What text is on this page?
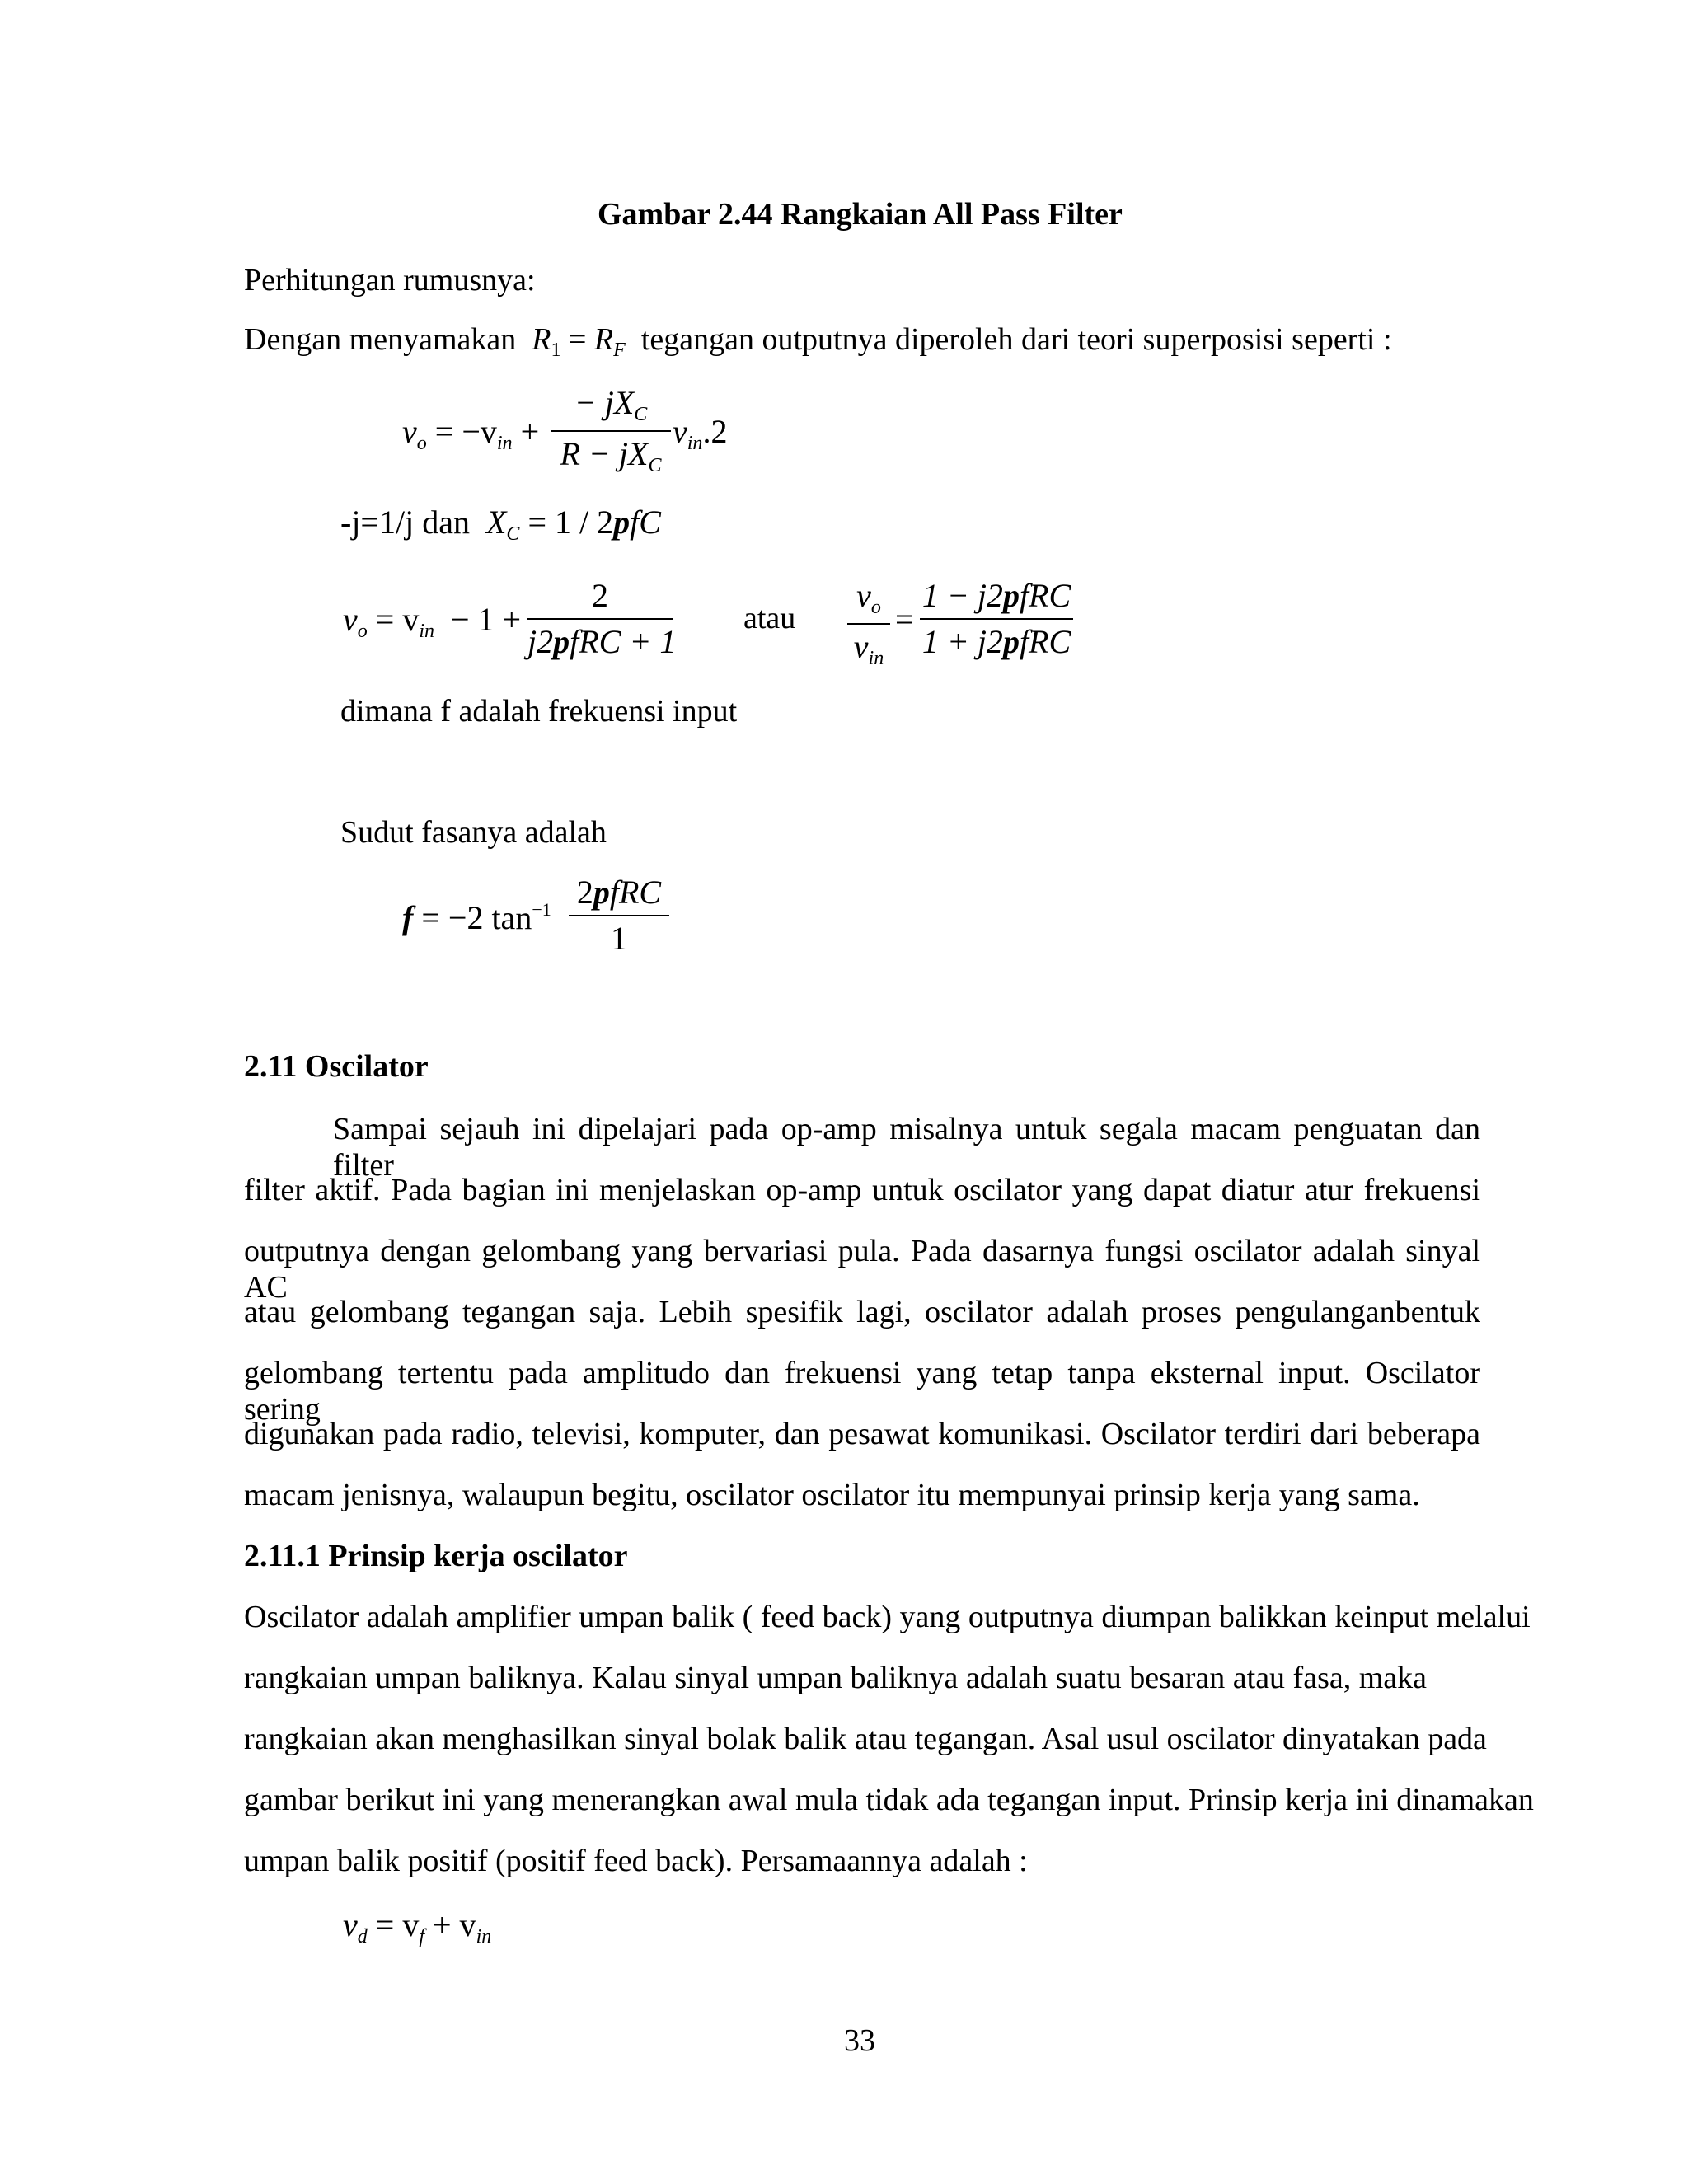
Gambar 2.44 Rangkaian All Pass Filter
Perhitungan rumusnya:
Dengan menyamakan $R_1 = R_F$ tegangan outputnya diperoleh dari teori superposisi seperti :
$v_o = -v_{in}$ +
− $jX_C$
$R - jX_C$
$v_{in}.2$
-j=1/j dan $X_C = 1 / 2pfC$
$v_o = v_{in} - 1$ +
2
j2pfRC + 1
atau
$v_o$
$v_{in}$
=
1 − j2pfRC
1 + j2pfRC
dimana f adalah frekuensi input
Sudut fasanya adalah
f = −2 $\tan^{-1}$ 2pfRC
1
2.11 Oscilator
Sampai sejauh ini dipelajari pada op-amp misalnya untuk segala macam penguatan dan filter
filter aktif. Pada bagian ini menjelaskan op-amp untuk oscilator yang dapat diatur atur frekuensi
outputnya dengan gelombang yang bervariasi pula. Pada dasarnya fungsi oscilator adalah sinyal AC
atau gelombang tegangan saja. Lebih spesifik lagi, oscilator adalah proses pengulanganbentuk
gelombang tertentu pada amplitudo dan frekuensi yang tetap tanpa eksternal input. Oscilator sering
digunakan pada radio, televisi, komputer, dan pesawat komunikasi. Oscilator terdiri dari beberapa
macam jenisnya, walaupun begitu, oscilator oscilator itu mempunyai prinsip kerja yang sama.
2.11.1 Prinsip kerja oscilator
Oscilator adalah amplifier umpan balik ( feed back) yang outputnya diumpan balikkan keinput melalui
rangkaian umpan baliknya. Kalau sinyal umpan baliknya adalah suatu besaran atau fasa, maka
rangkaian akan menghasilkan sinyal bolak balik atau tegangan. Asal usul oscilator dinyatakan pada
gambar berikut ini yang menerangkan awal mula tidak ada tegangan input. Prinsip kerja ini dinamakan
umpan balik positif (positif feed back). Persamaannya adalah :
$v_d = v_f + v_{in}$
33
